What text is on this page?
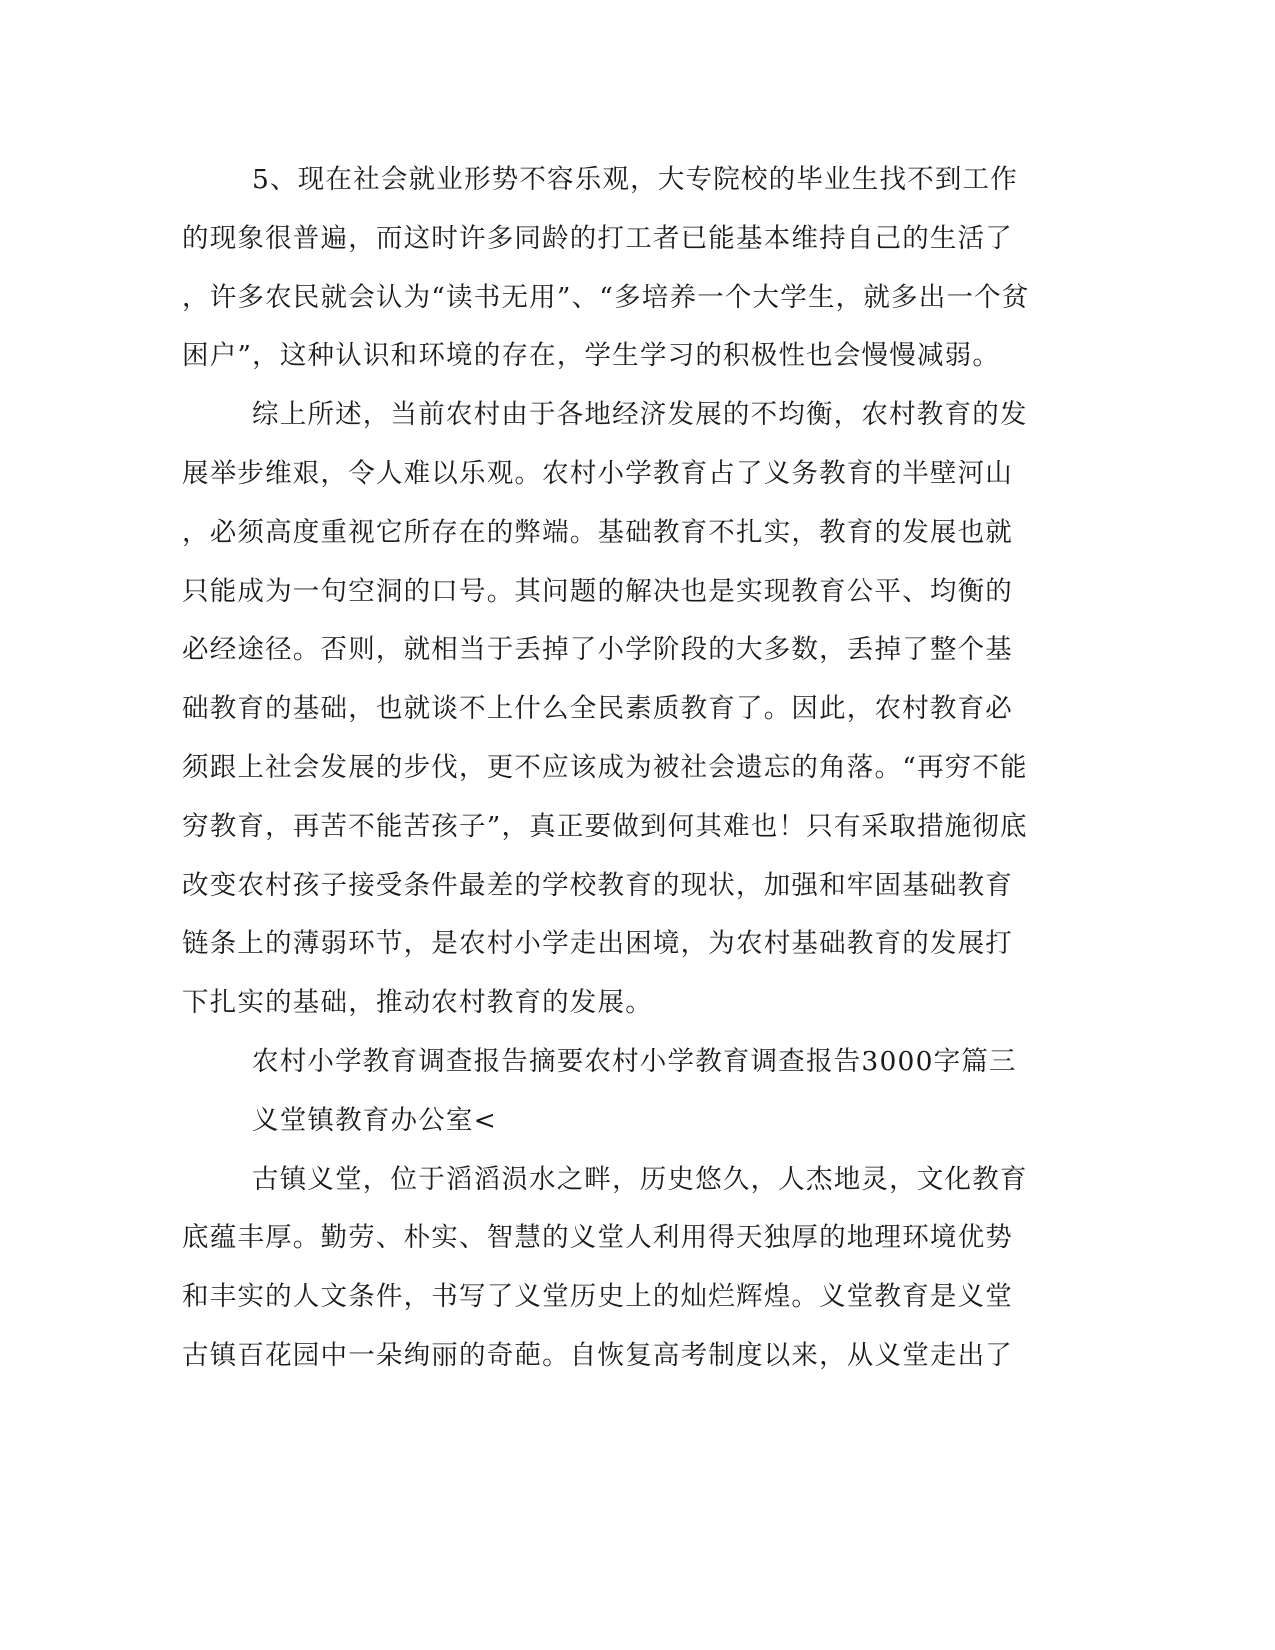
5、现在社会就业形势不容乐观，大专院校的毕业生找不到工作
的现象很普遍，而这时许多同龄的打工者已能基本维持自己的生活了
，许多农民就会认为“读书无用”、“多培养一个大学生，就多出一个贫
困户”，这种认识和环境的存在，学生学习的积极性也会慢慢减弱。
综上所述，当前农村由于各地经济发展的不均衡，农村教育的发
展举步维艰，令人难以乐观。农村小学教育占了义务教育的半壁河山
，必须高度重视它所存在的弊端。基础教育不扎实，教育的发展也就
只能成为一句空洞的口号。其问题的解决也是实现教育公平、均衡的
必经途径。否则，就相当于丢掉了小学阶段的大多数，丢掉了整个基
础教育的基础，也就谈不上什么全民素质教育了。因此，农村教育必
须跟上社会发展的步伐，更不应该成为被社会遗忘的角落。“再穷不能
穷教育，再苦不能苦孩子”，真正要做到何其难也！只有采取措施彻底
改变农村孩子接受条件最差的学校教育的现状，加强和牢固基础教育
链条上的薄弱环节，是农村小学走出困境，为农村基础教育的发展打
下扎实的基础，推动农村教育的发展。
农村小学教育调查报告摘要农村小学教育调查报告3000字篇三
义堂镇教育办公室<
古镇义堂，位于滔滔涢水之畔，历史悠久，人杰地灵，文化教育
底蕴丰厚。勤劳、朴实、智慧的义堂人利用得天独厚的地理环境优势
和丰实的人文条件，书写了义堂历史上的灿烂辉煌。义堂教育是义堂
古镇百花园中一朵绚丽的奇葩。自恢复高考制度以来，从义堂走出了
